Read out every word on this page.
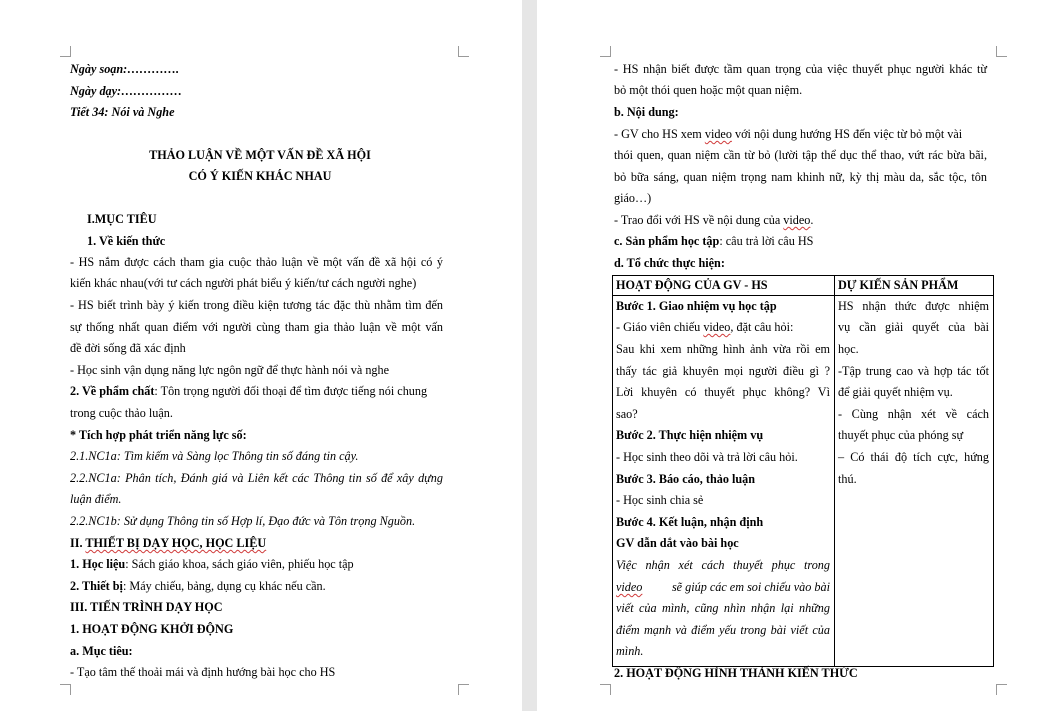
Ngày soạn:………….
Ngày dạy:……………
Tiết 34: Nói và Nghe
THẢO LUẬN VỀ MỘT VẤN ĐỀ XÃ HỘI
CÓ Ý KIẾN KHÁC NHAU
I.MỤC TIÊU
1. Về kiến thức
- HS nắm được cách tham gia cuộc thảo luận về một vấn đề xã hội có ý
kiến khác nhau(với tư cách người phát biểu ý kiến/tư cách người nghe)
- HS biết trình bày ý kiến trong điều kiện tương tác đặc thù nhằm tìm đến
sự thống nhất quan điểm với người cùng tham gia thảo luận về một vấn
đề đời sống đã xác định
- Học sinh vận dụng năng lực ngôn ngữ để thực hành nói và nghe
2. Về phẩm chất: Tôn trọng người đối thoại để tìm được tiếng nói chung
trong cuộc thảo luận.
* Tích hợp phát triển năng lực số:
2.1.NC1a: Tìm kiếm và Sàng lọc Thông tin số đáng tin cậy.
2.2.NC1a: Phân tích, Đánh giá và Liên kết các Thông tin số để xây dựng
luận điểm.
2.2.NC1b: Sử dụng Thông tin số Hợp lí, Đạo đức và Tôn trọng Nguồn.
II. THIẾT BỊ DẠY HỌC, HỌC LIỆU
1. Học liệu: Sách giáo khoa, sách giáo viên, phiếu học tập
2. Thiết bị: Máy chiếu, bảng, dụng cụ khác nếu cần.
III. TIẾN TRÌNH DẠY HỌC
1. HOẠT ĐỘNG KHỞI ĐỘNG
a. Mục tiêu:
- Tạo tâm thế thoải mái và định hướng bài học cho HS
- HS nhận biết được tầm quan trọng của việc thuyết phục người khác từ
bỏ một thói quen hoặc một quan niệm.
b. Nội dung:
- GV cho HS xem video với nội dung hướng HS đến việc từ bỏ một vài
thói quen, quan niệm cần từ bỏ (lười tập thể dục thể thao, vứt rác bừa bãi,
bỏ bữa sáng, quan niệm trọng nam khinh nữ, kỳ thị màu da, sắc tộc, tôn
giáo…)
- Trao đổi với HS về nội dung của video.
c. Sản phẩm học tập: câu trả lời câu HS
d. Tổ chức thực hiện:
HOẠT ĐỘNG CỦA GV - HS	DỰ KIẾN SẢN PHẨM
Bước 1. Giao nhiệm vụ học tập
- Giáo viên chiếu video, đặt câu hỏi:
Sau khi xem những hình ảnh vừa rồi em
thấy tác giả khuyên mọi người điều gì ?
Lời khuyên có thuyết phục không? Vì
sao?
Bước 2. Thực hiện nhiệm vụ
- Học sinh theo dõi và trả lời câu hỏi.
Bước 3. Báo cáo, thảo luận
- Học sinh chia sẻ
Bước 4. Kết luận, nhận định
GV dẫn dắt vào bài học
Việc nhận xét cách thuyết phục trong
video sẽ giúp các em soi chiếu vào bài
viết của mình, cũng nhìn nhận lại những
điểm mạnh và điểm yếu trong bài viết của
mình.
HS nhận thức được nhiệm
vụ cần giải quyết của bài
học.
-Tập trung cao và hợp tác tốt
để giải quyết nhiệm vụ.
- Cùng nhận xét về cách
thuyết phục của phóng sự
– Có thái độ tích cực, hứng
thú.
2. HOẠT ĐỘNG HÌNH THÀNH KIẾN THỨC
